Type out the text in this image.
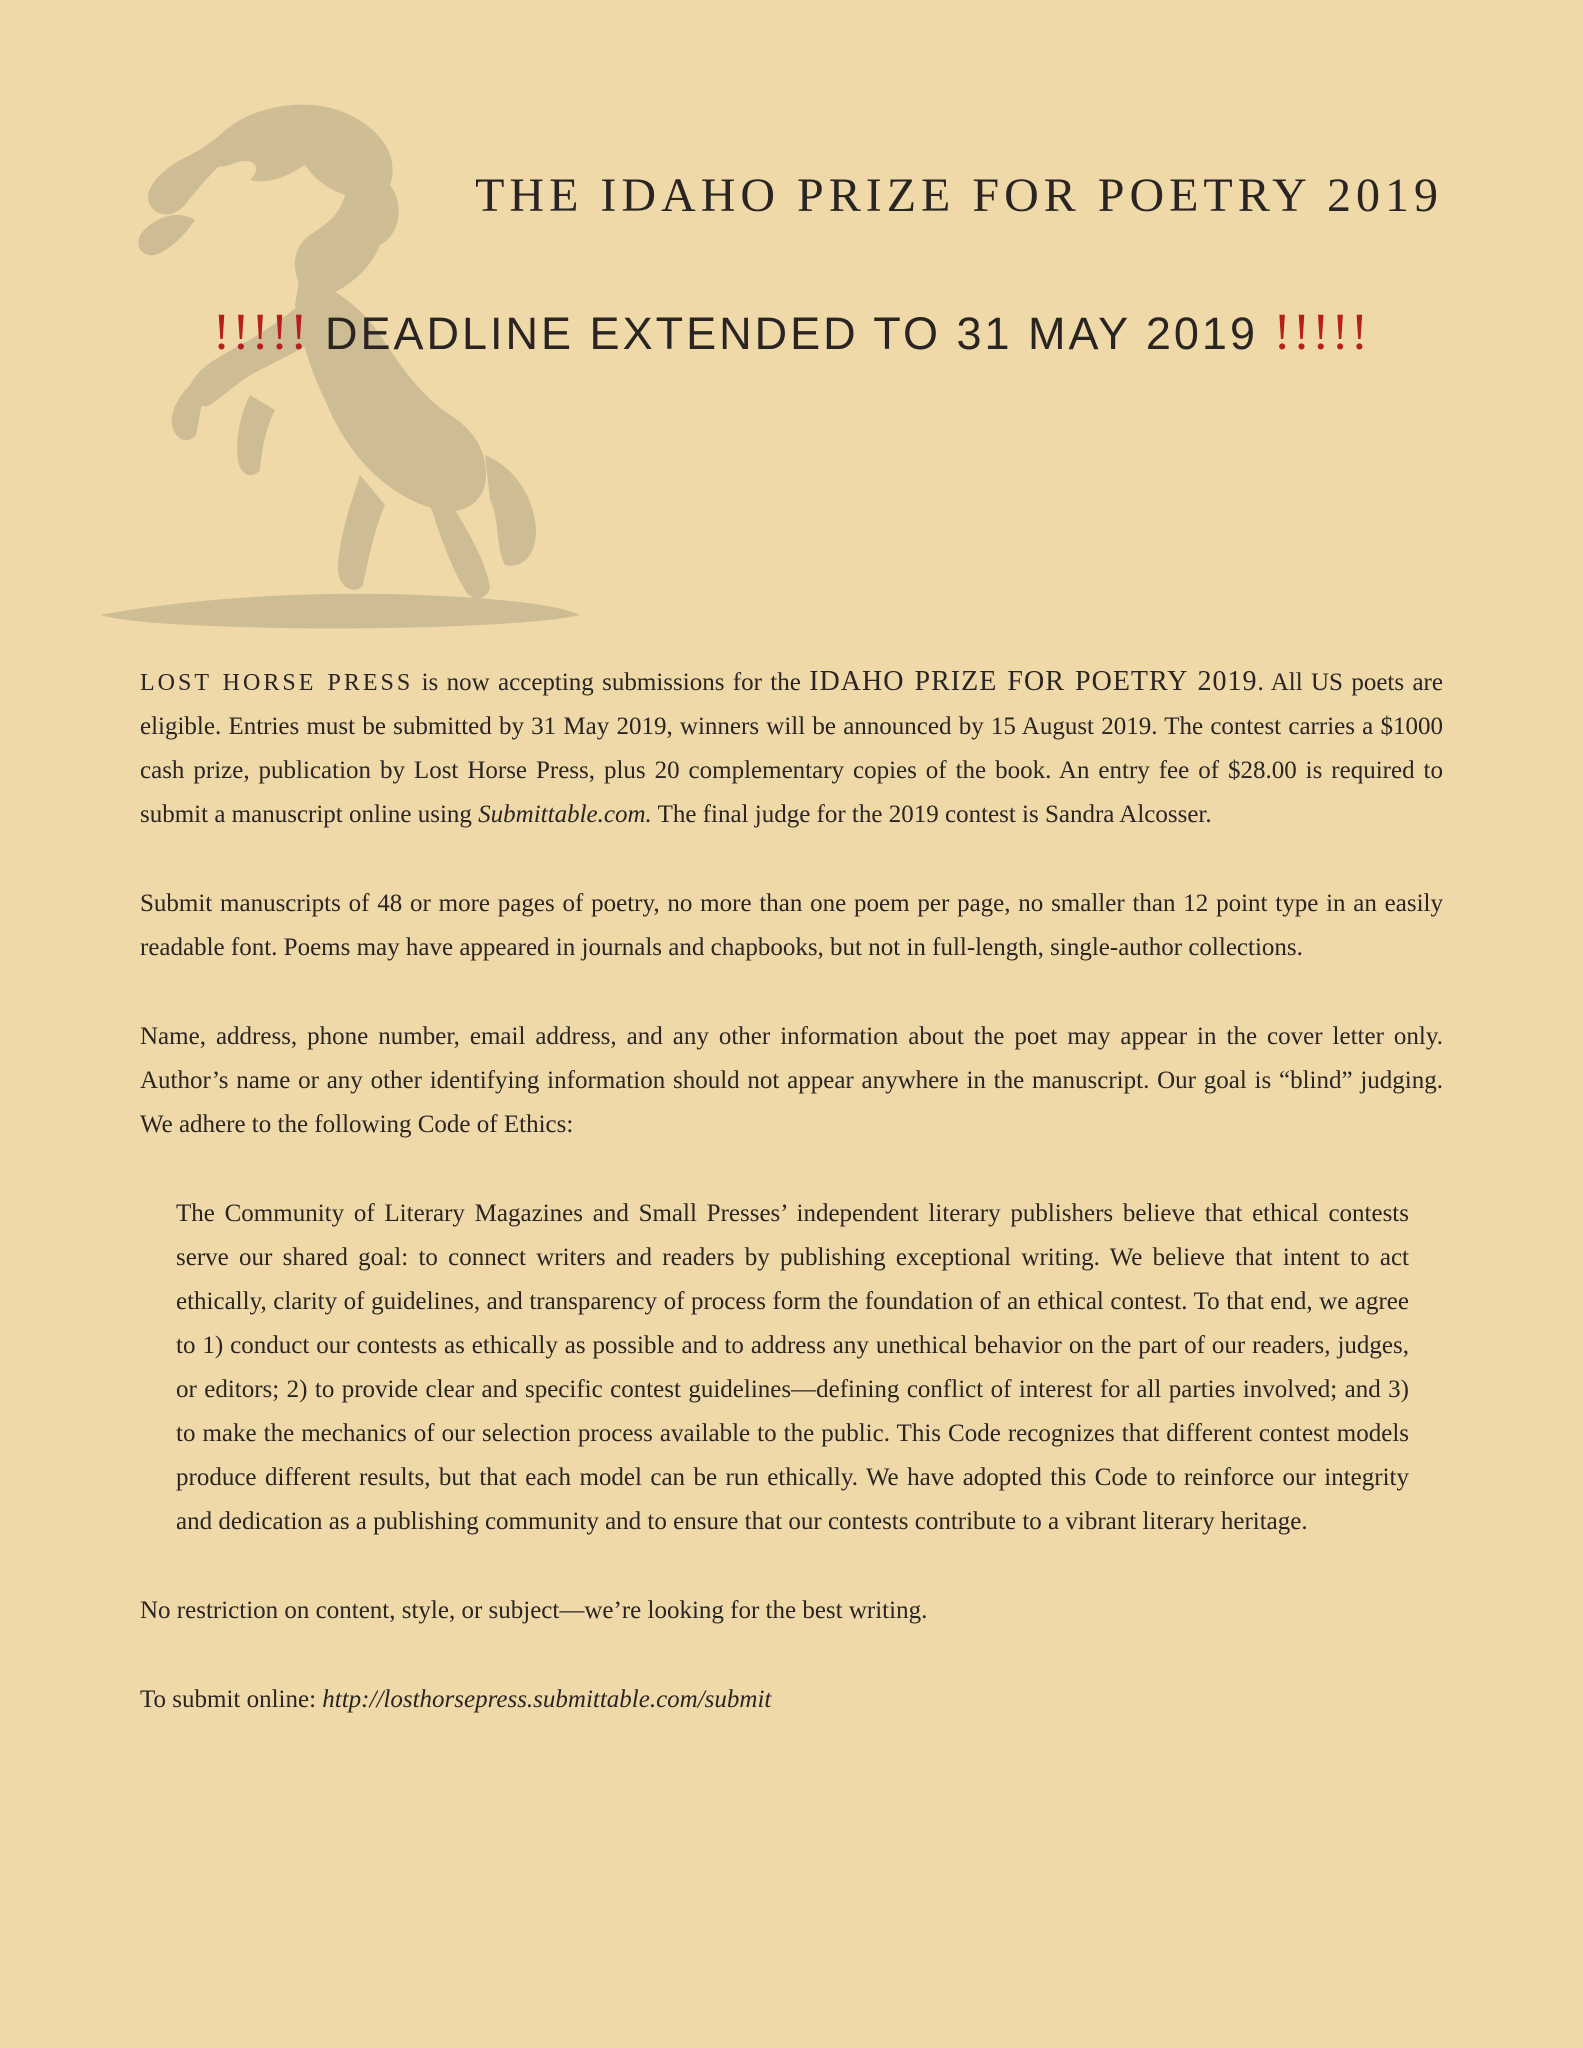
THE IDAHO PRIZE FOR POETRY 2019
!!!!! DEADLINE EXTENDED TO 31 MAY 2019 !!!!!

LOST HORSE PRESS is now accepting submissions for the IDAHO PRIZE FOR POETRY 2019. All US poets are eligible. Entries must be submitted by 31 May 2019, winners will be announced by 15 August 2019. The contest carries a $1000 cash prize, publication by Lost Horse Press, plus 20 complementary copies of the book. An entry fee of $28.00 is required to submit a manuscript online using Submittable.com. The final judge for the 2019 contest is Sandra Alcosser.

Submit manuscripts of 48 or more pages of poetry, no more than one poem per page, no smaller than 12 point type in an easily readable font. Poems may have appeared in journals and chapbooks, but not in full-length, single-author collections.

Name, address, phone number, email address, and any other information about the poet may appear in the cover letter only. Author’s name or any other identifying information should not appear anywhere in the manuscript. Our goal is “blind” judging. We adhere to the following Code of Ethics:

The Community of Literary Magazines and Small Presses’ independent literary publishers believe that ethical contests serve our shared goal: to connect writers and readers by publishing exceptional writing. We believe that intent to act ethically, clarity of guidelines, and transparency of process form the foundation of an ethical contest. To that end, we agree to 1) conduct our contests as ethically as possible and to address any unethical behavior on the part of our readers, judges, or editors; 2) to provide clear and specific contest guidelines—defining conflict of interest for all parties involved; and 3) to make the mechanics of our selection process available to the public. This Code recognizes that different contest models produce different results, but that each model can be run ethically. We have adopted this Code to reinforce our integrity and dedication as a publishing community and to ensure that our contests contribute to a vibrant literary heritage.

No restriction on content, style, or subject—we’re looking for the best writing.

To submit online: http://losthorsepress.submittable.com/submit
